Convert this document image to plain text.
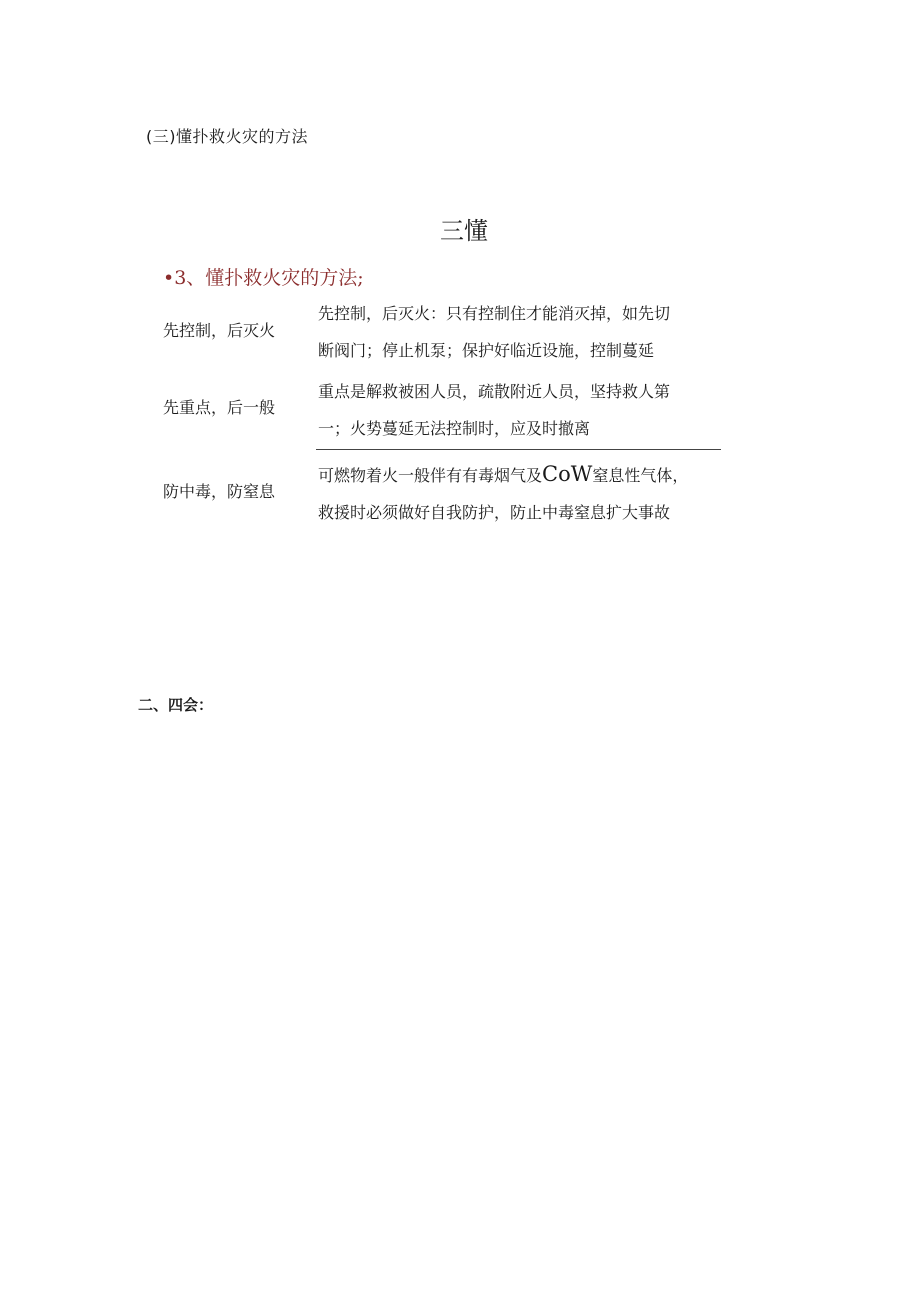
(三)懂扑救火灾的方法
三懂
•3、懂扑救火灾的方法;
先控制，后灭火
先控制，后灭火：只有控制住才能消灭掉，如先切
断阀门；停止机泵；保护好临近设施，控制蔓延
先重点，后一般
重点是解救被困人员，疏散附近人员，坚持救人第
一；火势蔓延无法控制时，应及时撤离
防中毒，防窒息
可燃物着火一般伴有有毒烟气及CoW窒息性气体，
救援时必须做好自我防护，防止中毒窒息扩大事故
二、四会：
